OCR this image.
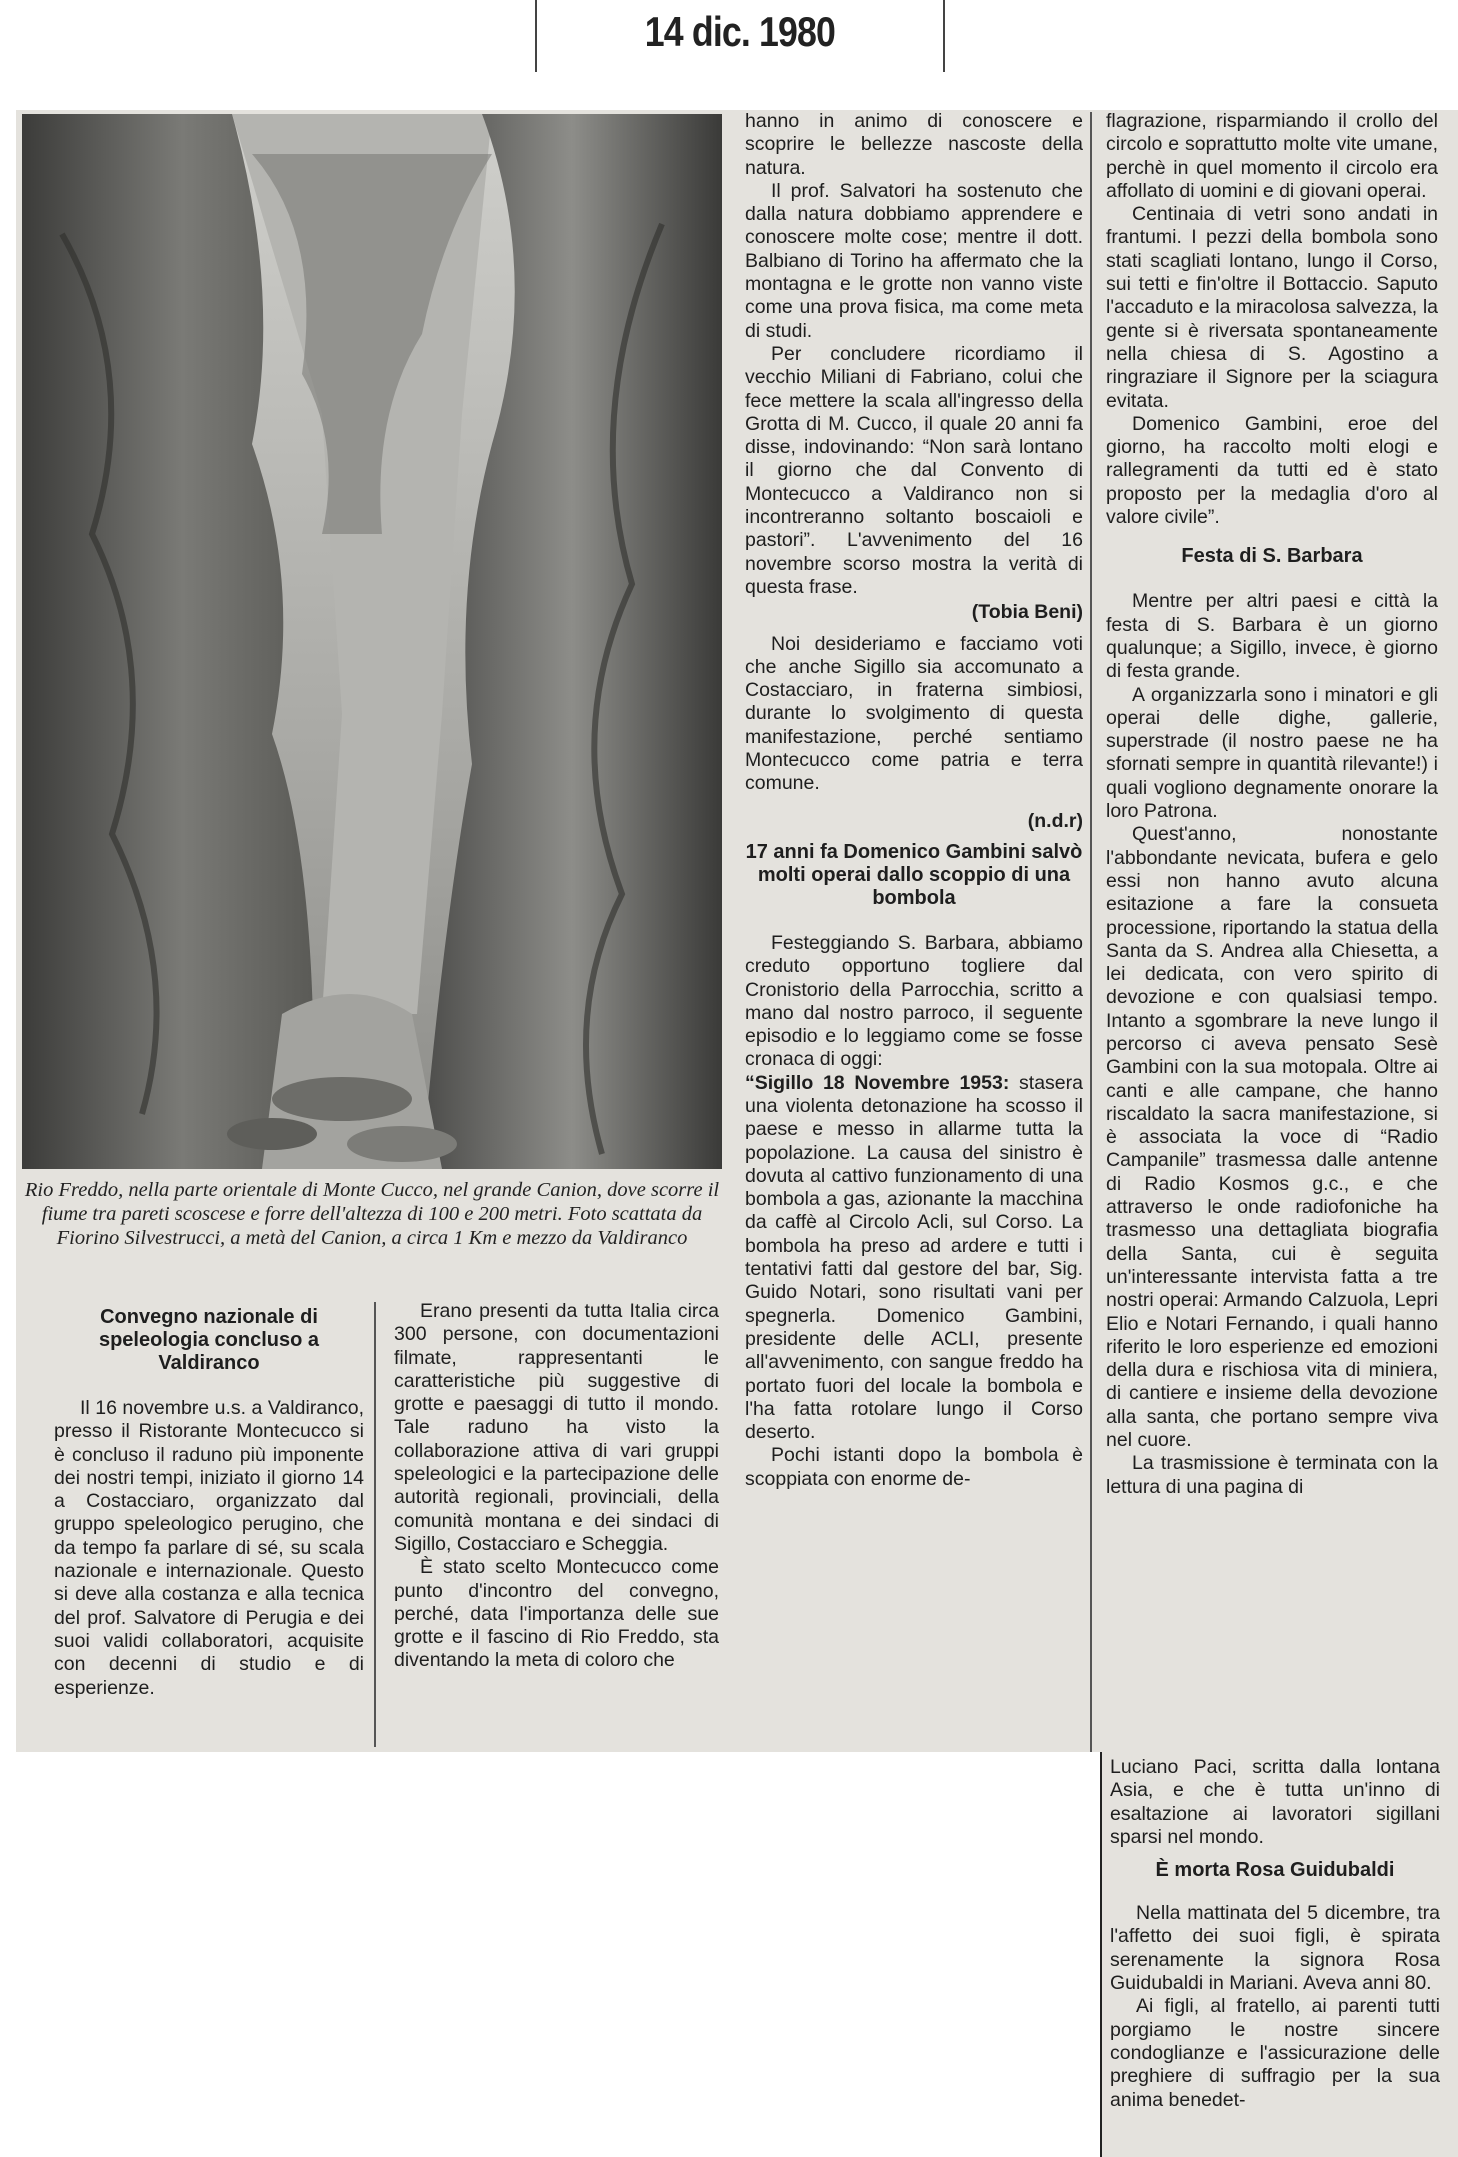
14 dic. 1980
Rio Freddo, nella parte orientale di Monte Cucco, nel grande Canion, dove scorre il fiume tra pareti scoscese e forre dell'altezza di 100 e 200 metri. Foto scattata da Fiorino Silvestrucci, a metà del Canion, a circa 1 Km e mezzo da Valdiranco

Convegno nazionale di speleologia concluso a Valdiranco

Il 16 novembre u.s. a Valdiranco, presso il Ristorante Montecucco si è concluso il raduno più imponente dei nostri tempi, iniziato il giorno 14 a Costacciaro, organizzato dal gruppo speleologico perugino, che da tempo fa parlare di sé, su scala nazionale e internazionale. Questo si deve alla costanza e alla tecnica del prof. Salvatore di Perugia e dei suoi validi collaboratori, acquisite con decenni di studio e di esperienze.

Erano presenti da tutta Italia circa 300 persone, con documentazioni filmate, rappresentanti le caratteristiche più suggestive di grotte e paesaggi di tutto il mondo. Tale raduno ha visto la collaborazione attiva di vari gruppi speleologici e la partecipazione delle autorità regionali, provinciali, della comunità montana e dei sindaci di Sigillo, Costacciaro e Scheggia.

È stato scelto Montecucco come punto d'incontro del convegno, perché, data l'importanza delle sue grotte e il fascino di Rio Freddo, sta diventando la meta di coloro che

hanno in animo di conoscere e scoprire le bellezze nascoste della natura.

Il prof. Salvatori ha sostenuto che dalla natura dobbiamo apprendere e conoscere molte cose; mentre il dott. Balbiano di Torino ha affermato che la montagna e le grotte non vanno viste come una prova fisica, ma come meta di studi.

Per concludere ricordiamo il vecchio Miliani di Fabriano, colui che fece mettere la scala all'ingresso della Grotta di M. Cucco, il quale 20 anni fa disse, indovinando: “Non sarà lontano il giorno che dal Convento di Montecucco a Valdiranco non si incontreranno soltanto boscaioli e pastori”. L'avvenimento del 16 novembre scorso mostra la verità di questa frase.

(Tobia Beni)

Noi desideriamo e facciamo voti che anche Sigillo sia accomunato a Costacciaro, in fraterna simbiosi, durante lo svolgimento di questa manifestazione, perché sentiamo Montecucco come patria e terra comune.

(n.d.r)

17 anni fa Domenico Gambini salvò molti operai dallo scoppio di una bombola

Festeggiando S. Barbara, abbiamo creduto opportuno togliere dal Cronistorio della Parrocchia, scritto a mano dal nostro parroco, il seguente episodio e lo leggiamo come se fosse cronaca di oggi:

“Sigillo 18 Novembre 1953: stasera una violenta detonazione ha scosso il paese e messo in allarme tutta la popolazione. La causa del sinistro è dovuta al cattivo funzionamento di una bombola a gas, azionante la macchina da caffè al Circolo Acli, sul Corso. La bombola ha preso ad ardere e tutti i tentativi fatti dal gestore del bar, Sig. Guido Notari, sono risultati vani per spegnerla. Domenico Gambini, presidente delle ACLI, presente all'avvenimento, con sangue freddo ha portato fuori del locale la bombola e l'ha fatta rotolare lungo il Corso deserto.

Pochi istanti dopo la bombola è scoppiata con enorme de-

flagrazione, risparmiando il crollo del circolo e soprattutto molte vite umane, perchè in quel momento il circolo era affollato di uomini e di giovani operai.

Centinaia di vetri sono andati in frantumi. I pezzi della bombola sono stati scagliati lontano, lungo il Corso, sui tetti e fin'oltre il Bottaccio. Saputo l'accaduto e la miracolosa salvezza, la gente si è riversata spontaneamente nella chiesa di S. Agostino a ringraziare il Signore per la sciagura evitata.

Domenico Gambini, eroe del giorno, ha raccolto molti elogi e rallegramenti da tutti ed è stato proposto per la medaglia d'oro al valore civile”.

Festa di S. Barbara

Mentre per altri paesi e città la festa di S. Barbara è un giorno qualunque; a Sigillo, invece, è giorno di festa grande.

A organizzarla sono i minatori e gli operai delle dighe, gallerie, superstrade (il nostro paese ne ha sfornati sempre in quantità rilevante!) i quali vogliono degnamente onorare la loro Patrona.

Quest'anno, nonostante l'abbondante nevicata, bufera e gelo essi non hanno avuto alcuna esitazione a fare la consueta processione, riportando la statua della Santa da S. Andrea alla Chiesetta, a lei dedicata, con vero spirito di devozione e con qualsiasi tempo. Intanto a sgombrare la neve lungo il percorso ci aveva pensato Sesè Gambini con la sua motopala. Oltre ai canti e alle campane, che hanno riscaldato la sacra manifestazione, si è associata la voce di “Radio Campanile” trasmessa dalle antenne di Radio Kosmos g.c., e che attraverso le onde radiofoniche ha trasmesso una dettagliata biografia della Santa, cui è seguita un'interessante intervista fatta a tre nostri operai: Armando Calzuola, Lepri Elio e Notari Fernando, i quali hanno riferito le loro esperienze ed emozioni della dura e rischiosa vita di miniera, di cantiere e insieme della devozione alla santa, che portano sempre viva nel cuore.

La trasmissione è terminata con la lettura di una pagina di

Luciano Paci, scritta dalla lontana Asia, e che è tutta un'inno di esaltazione ai lavoratori sigillani sparsi nel mondo.

È morta Rosa Guidubaldi

Nella mattinata del 5 dicembre, tra l'affetto dei suoi figli, è spirata serenamente la signora Rosa Guidubaldi in Mariani. Aveva anni 80.

Ai figli, al fratello, ai parenti tutti porgiamo le nostre sincere condoglianze e l'assicurazione delle preghiere di suffragio per la sua anima benedet-
